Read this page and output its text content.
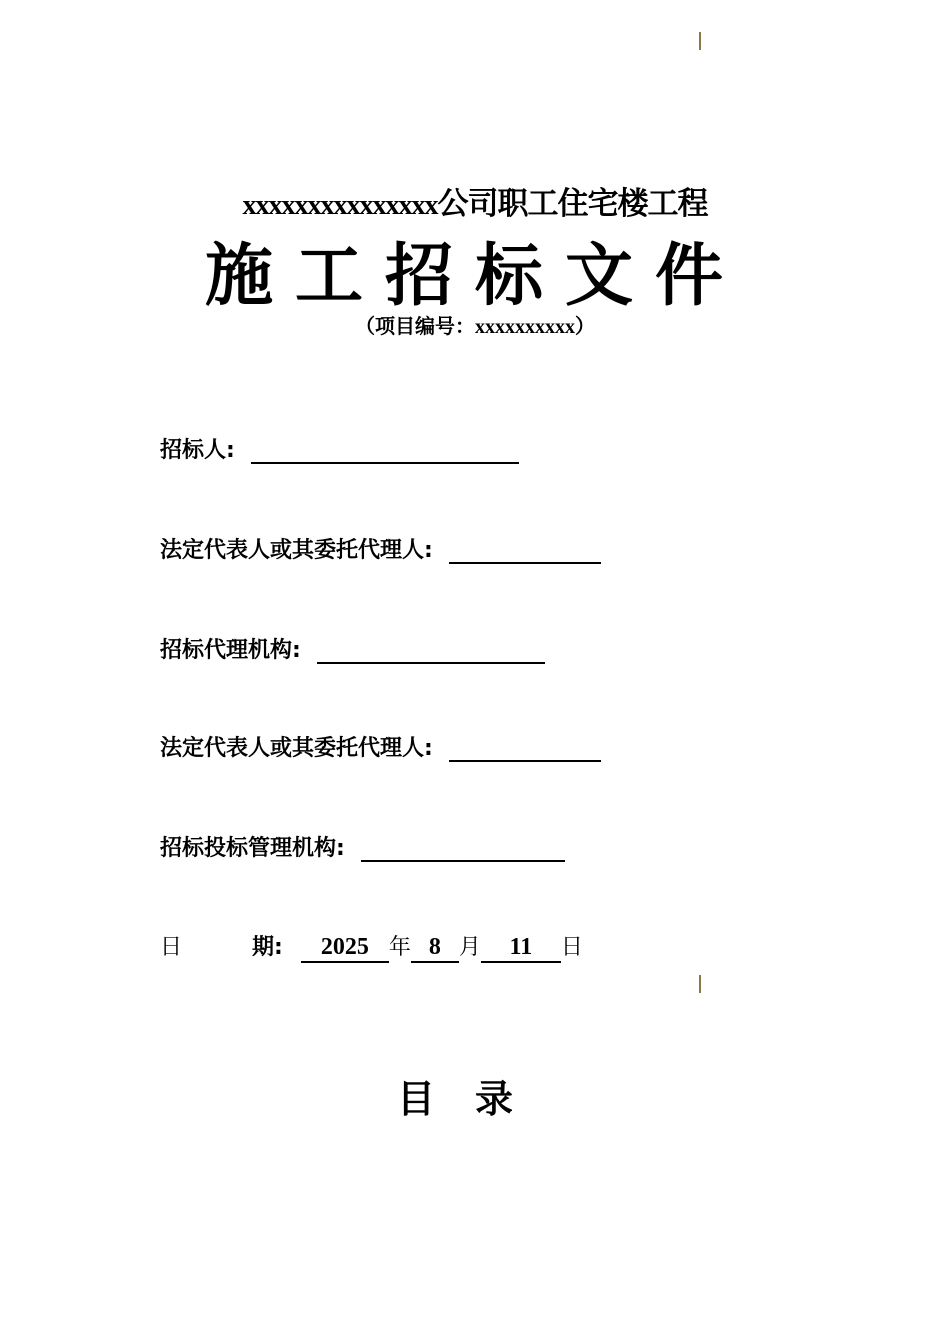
xxxxxxxxxxxxxxx公司职工住宅楼工程
施工招标文件
（项目编号：xxxxxxxxxx）
招标人:
法定代表人或其委托代理人:
招标代理机构:
法定代表人或其委托代理人:
招标投标管理机构:
日	期: 2025 年 8 月 11 日
目录
